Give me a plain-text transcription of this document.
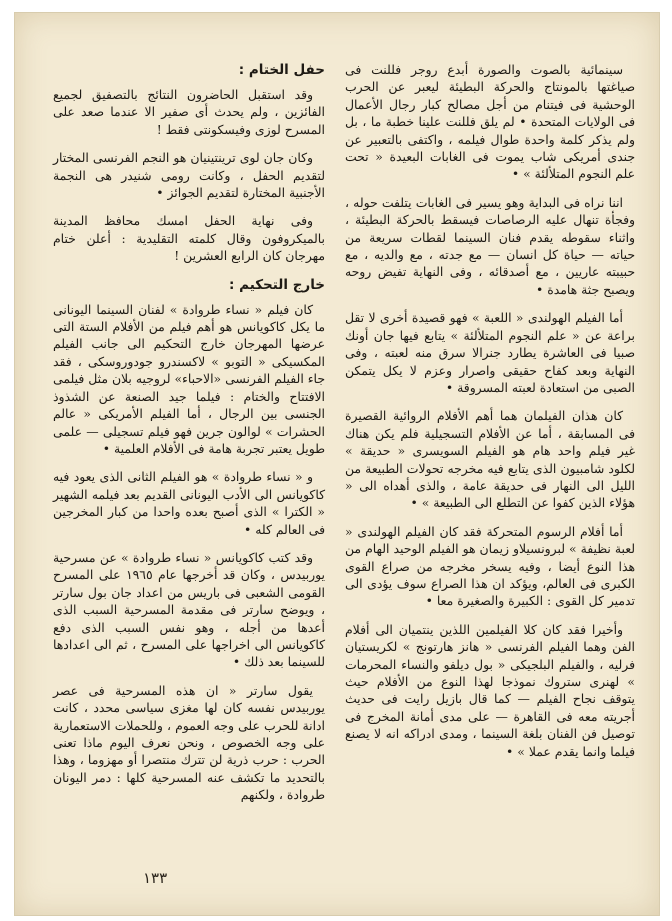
سينمائية بالصوت والصورة أبدع روجر فللنت فى صياغتها بالمونتاج والحركة البطيئة ليعبر عن الحرب الوحشية فى فيتنام من أجل مصالح كبار رجال الأعمال فى الولايات المتحدة • لم يلق فللنت علينا خطبة ما ، بل ولم يذكر كلمة واحدة طوال فيلمه ، واكتفى بالتعبير عن جندى أمريكى شاب يموت فى الغابات البعيدة « تحت علم النجوم المتلألئة » •

اننا نراه فى البداية وهو يسير فى الغابات يتلفت حوله ، وفجأة تنهال عليه الرصاصات فيسقط بالحركة البطيئة ، واثناء سقوطه يقدم فنان السينما لقطات سريعة من حياته — حياة كل انسان — مع جدته ، مع والديه ، مع حبيبته عاريين ، مع أصدقائه ، وفى النهاية تفيض روحه ويصبح جثة هامدة •

أما الفيلم الهولندى « اللعبة » فهو قصيدة أخرى لا تقل براعة عن « علم النجوم المتلألئة » يتابع فيها جان أونك صبيا فى العاشرة يطارد جنرالا سرق منه لعبته ، وفى النهاية وبعد كفاح حقيقى واصرار وعزم لا يكل يتمكن الصبى من استعادة لعبته المسروقة •

كان هذان الفيلمان هما أهم الأفلام الروائية القصيرة فى المسابقة ، أما عن الأفلام التسجيلية فلم يكن هناك غير فيلم واحد هام هو الفيلم السويسرى « حديقة » لكلود شامبيون الذى يتابع فيه مخرجه تحولات الطبيعة من الليل الى النهار فى حديقة عامة ، والذى أهداه الى « هؤلاء الذين كفوا عن التطلع الى الطبيعة » •

أما أفلام الرسوم المتحركة فقد كان الفيلم الهولندى « لعبة نظيفة » لبرونسيلاو زيمان هو الفيلم الوحيد الهام من هذا النوع أيضا ، وفيه يسخر مخرجه من صراع القوى الكبرى فى العالم، ويؤكد ان هذا الصراع سوف يؤدى الى تدمير كل القوى : الكبيرة والصغيرة معا •

وأخيرا فقد كان كلا الفيلمين اللذين ينتميان الى أفلام الفن وهما الفيلم الفرنسى « هانز هارتونج » لكريستيان فرليه ، والفيلم البلجيكى « بول ديلفو والنساء المحرمات » لهنرى ستروك نموذجا لهذا النوع من الأفلام حيث يتوقف نجاح الفيلم — كما قال بازيل رايت فى حديث أجريته معه فى القاهرة — على مدى أمانة المخرج فى توصيل فن الفنان بلغة السينما ، ومدى ادراكه انه لا يصنع فيلما وانما يقدم عملا » •

حفل الختام :

وقد استقبل الحاضرون النتائج بالتصفيق لجميع الفائزين ، ولم يحدث أى صفير الا عندما صعد على المسرح لوزى وفيسكونتى فقط !

وكان جان لوى ترينتينيان هو النجم الفرنسى المختار لتقديم الحفل ، وكانت رومى شنيدر هى النجمة الأجنبية المختارة لتقديم الجوائز •

وفى نهاية الحفل امسك محافظ المدينة بالميكروفون وقال كلمته التقليدية : أعلن ختام مهرجان كان الرابع العشرين !

خارج التحكيم :

كان فيلم « نساء طروادة » لفنان السينما اليونانى ما يكل كاكويانس هو أهم فيلم من الأفلام الستة التى عرضها المهرجان خارج التحكيم الى جانب الفيلم المكسيكى « التوبو » لاكسندرو جودوروسكى ، فقد جاء الفيلم الفرنسى «الاحباء» لروجيه بلان مثل فيلمى الافتتاح والختام : فيلما جيد الصنعة عن الشذوذ الجنسى بين الرجال ، أما الفيلم الأمريكى « عالم الحشرات » لوالون جرين فهو فيلم تسجيلى — علمى طويل يعتبر تجربة هامة فى الأفلام العلمية •

و « نساء طروادة » هو الفيلم الثانى الذى يعود فيه كاكويانس الى الأدب اليونانى القديم بعد فيلمه الشهير « الكترا » الذى أصبح بعده واحدا من كبار المخرجين فى العالم كله •

وقد كتب كاكويانس « نساء طروادة » عن مسرحية يوربيدس ، وكان قد أخرجها عام ١٩٦٥ على المسرح القومى الشعبى فى باريس من اعداد جان بول سارتر ، ويوضح سارتر فى مقدمة المسرحية السبب الذى أعدها من أجله ، وهو نفس السبب الذى دفع كاكويانس الى اخراجها على المسرح ، ثم الى اعدادها للسينما بعد ذلك •

يقول سارتر « ان هذه المسرحية فى عصر يوربيدس نفسه كان لها مغزى سياسى محدد ، كانت ادانة للحرب على وجه العموم ، وللحملات الاستعمارية على وجه الخصوص ، ونحن نعرف اليوم ماذا تعنى الحرب : حرب ذرية لن تترك منتصرا أو مهزوما ، وهذا بالتحديد ما تكشف عنه المسرحية كلها : دمر اليونان طروادة ، ولكنهم

١٣٣
